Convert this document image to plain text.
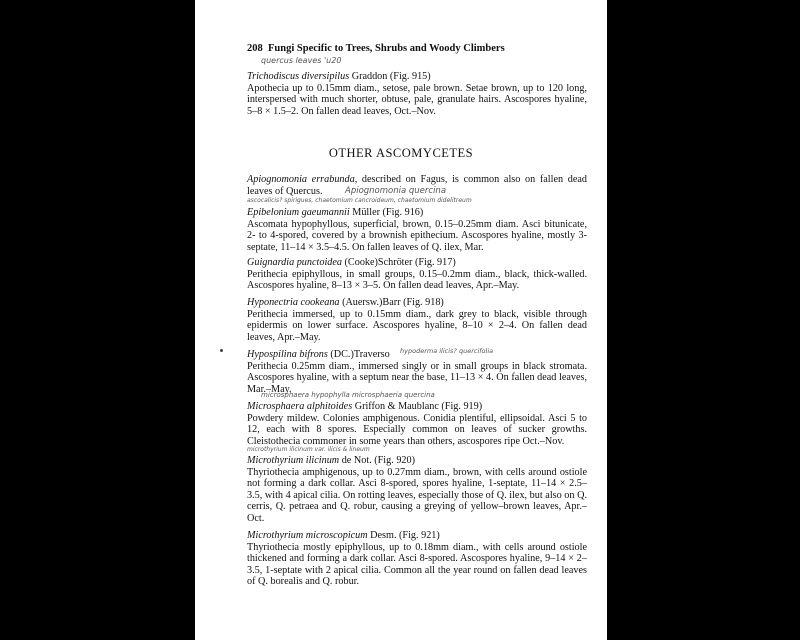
208 Fungi Specific to Trees, Shrubs and Woody Climbers
quercus leaves 'u20
Trichodiscus diversipilus Graddon (Fig. 915)

Apothecia up to 0.15mm diam., setose, pale brown. Setae brown, up to 120 long, interspersed with much shorter, obtuse, pale, granulate hairs. Ascospores hyaline, 5–8 × 1.5–2. On fallen dead leaves, Oct.–Nov.

OTHER ASCOMYCETES

Apiognomonia errabunda, described on Fagus, is common also on fallen dead leaves of Quercus.	Apiognomonia quercina
ascocalicis? spirigues, chaetomium cancroideum, chaetomium didelitreum
Epibelonium gaeumannii Müller (Fig. 916)

Ascomata hypophyllous, superficial, brown, 0.15–0.25mm diam. Asci bitunicate, 2- to 4-spored, covered by a brownish epithecium. Ascospores hyaline, mostly 3-septate, 11–14 × 3.5–4.5. On fallen leaves of Q. ilex, Mar.

Guignardia punctoidea (Cooke)Schröter (Fig. 917)

Perithecia epiphyllous, in small groups, 0.15–0.2mm diam., black, thick-walled. Ascospores hyaline, 8–13 × 3–5. On fallen dead leaves, Apr.–May.

Hyponectria cookeana (Auersw.)Barr (Fig. 918)

Perithecia immersed, up to 0.15mm diam., dark grey to black, visible through epidermis on lower surface. Ascospores hyaline, 8–10 × 2–4. On fallen dead leaves, Apr.–May.

Hypospilina bifrons (DC.)Traverso

Perithecia 0.25mm diam., immersed singly or in small groups in black stromata. Ascospores hyaline, with a septum near the base, 11–13 × 4. On fallen dead leaves, Mar.–May.

hypoderma ilicis? quercifolia
microsphaera hypophylla microsphaeria quercina
Microsphaera alphitoides Griffon & Maublanc (Fig. 919)

Powdery mildew. Colonies amphigenous. Conidia plentiful, ellipsoidal. Asci 5 to 12, each with 8 spores. Especially common on leaves of sucker growths. Cleistothecia commoner in some years than others, ascospores ripe Oct.–Nov.

microthyrium ilicinum var. ilicis & lineum
Microthyrium ilicinum de Not. (Fig. 920)

Thyriothecia amphigenous, up to 0.27mm diam., brown, with cells around ostiole not forming a dark collar. Asci 8-spored, spores hyaline, 1-septate, 11–14 × 2.5–3.5, with 4 apical cilia. On rotting leaves, especially those of Q. ilex, but also on Q. cerris, Q. petraea and Q. robur, causing a greying of yellow–brown leaves, Apr.–Oct.

Microthyrium microscopicum Desm. (Fig. 921)

Thyriothecia mostly epiphyllous, up to 0.18mm diam., with cells around ostiole thickened and forming a dark collar. Asci 8-spored. Ascospores hyaline, 9–14 × 2–3.5, 1-septate with 2 apical cilia. Common all the year round on fallen dead leaves of Q. borealis and Q. robur.
